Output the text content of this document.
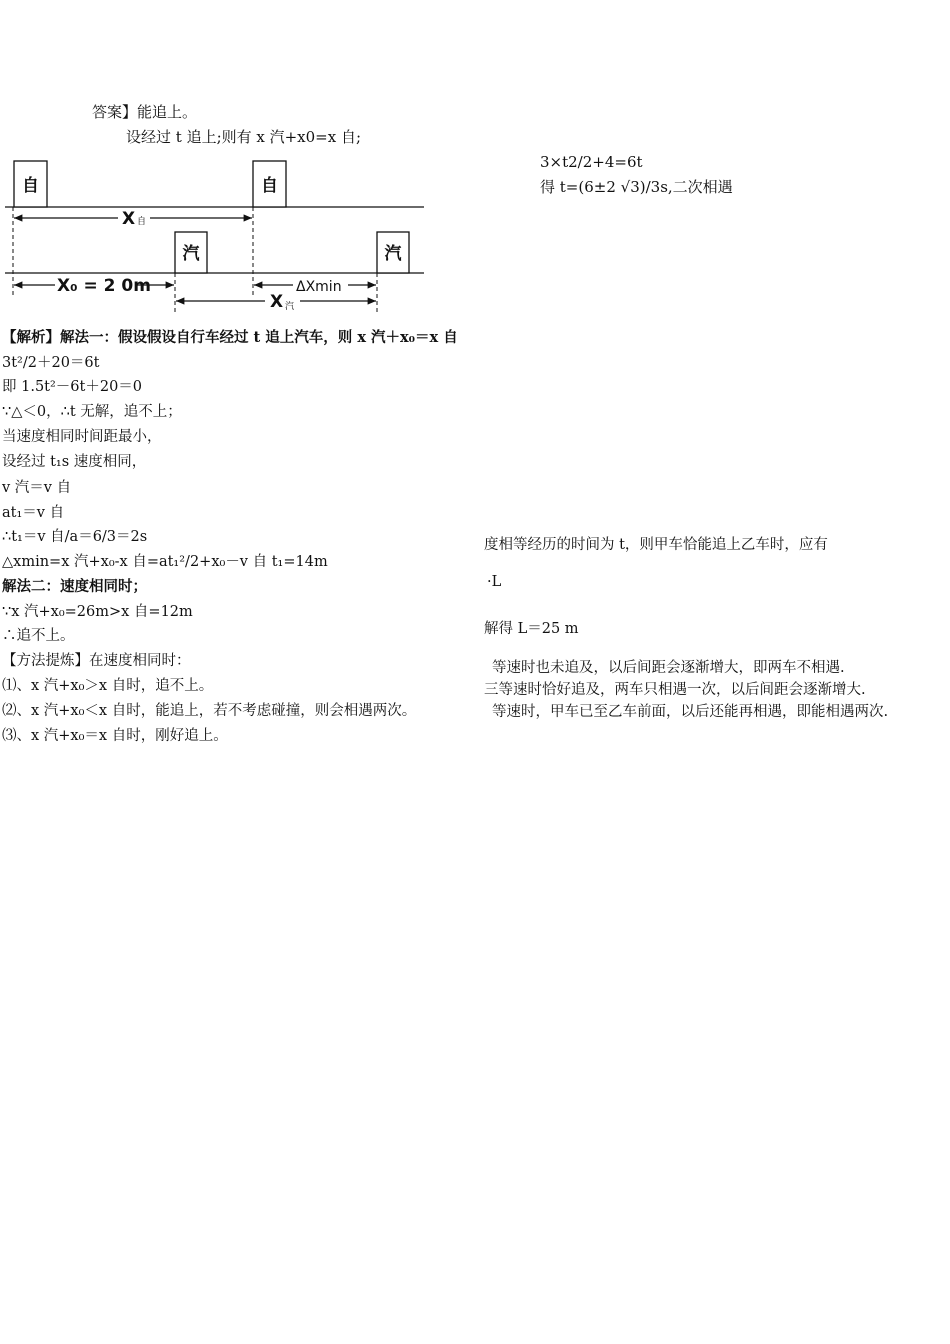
答案】能追上。
设经过 t 追上;则有 x 汽+x0=x 自;
3×t2/2+4=6t
得 t=(6±2 √3)/3s,二次相遇
自	自
汽	汽
X 自
X₀ = 2 0m	ΔXmin
X 汽
【解析】解法一：假设假设自行车经过 t 追上汽车，则 x 汽＋x₀＝x 自
3t²/2＋20＝6t
即 1.5t²－6t＋20＝0
∵△＜0，∴t 无解，追不上；
当速度相同时间距最小，
设经过 t₁s 速度相同，
v 汽＝v 自
at₁＝v 自
∴t₁＝v 自/a＝6/3＝2s
△xmin=x 汽+x₀-x 自=at₁²/2+x₀－v 自 t₁=14m
解法二：速度相同时；
∵x 汽+x₀=26m>x 自=12m
∴追不上。
【方法提炼】在速度相同时：
⑴、x 汽+x₀＞x 自时，追不上。
⑵、x 汽+x₀＜x 自时，能追上，若不考虑碰撞，则会相遇两次。
⑶、x 汽+x₀＝x 自时，刚好追上。
度相等经历的时间为 t，则甲车恰能追上乙车时，应有
·L
解得 L＝25 m
等速时也未追及，以后间距会逐渐增大，即两车不相遇.
三等速时恰好追及，两车只相遇一次，以后间距会逐渐增大.
等速时，甲车已至乙车前面，以后还能再相遇，即能相遇两次.
